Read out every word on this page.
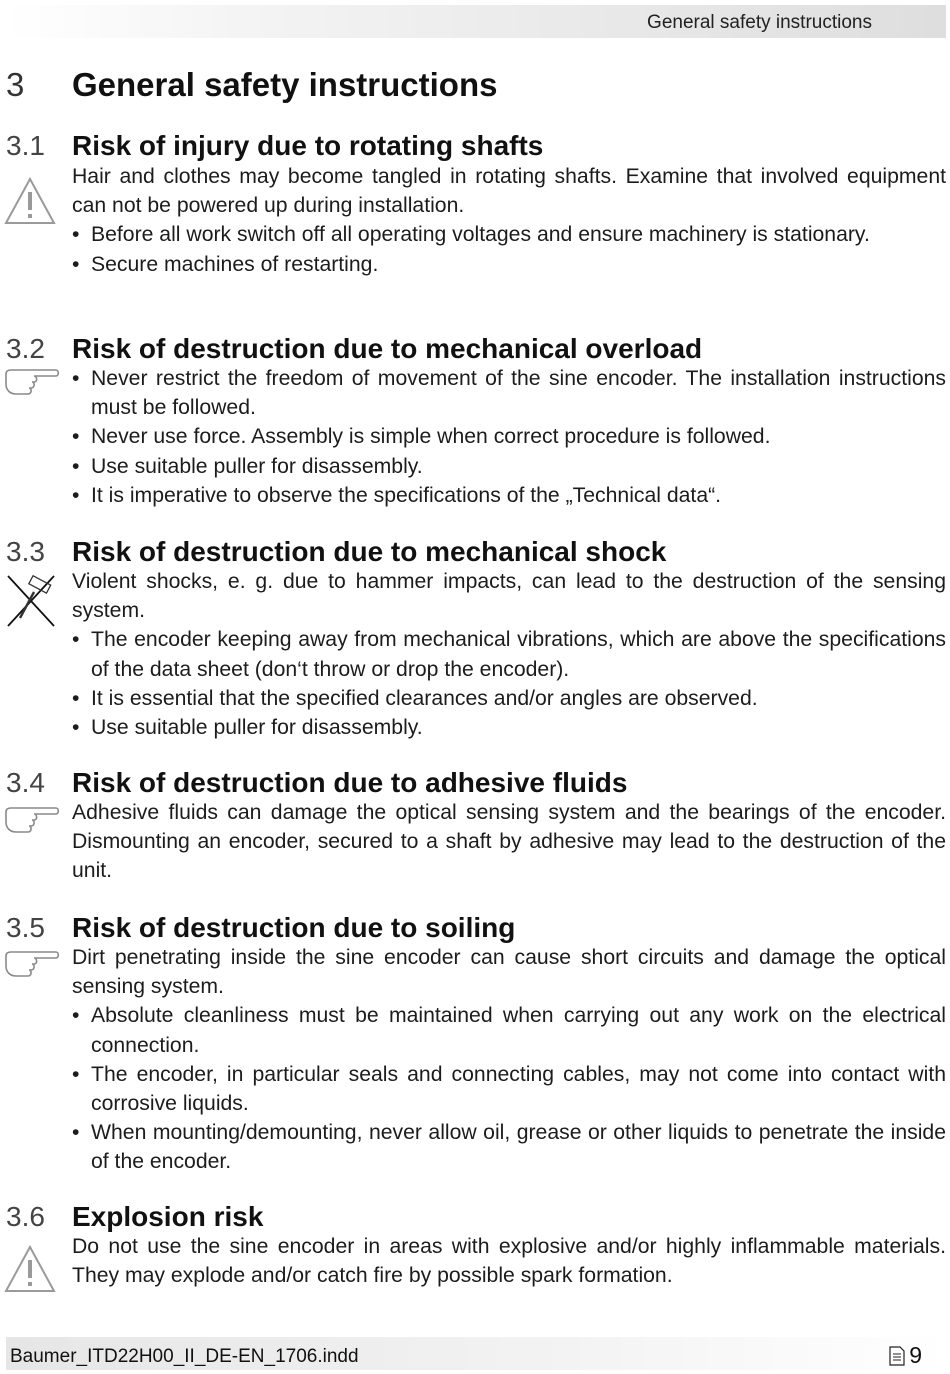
General safety instructions
3 General safety instructions
3.1 Risk of injury due to rotating shafts

Hair and clothes may become tangled in rotating shafts. Examine that involved equipment can not be powered up during installation.

• Before all work switch off all operating voltages and ensure machinery is stationary.
• Secure machines of restarting.
3.2 Risk of destruction due to mechanical overload
• Never restrict the freedom of movement of the sine encoder. The installation instructions must be followed.
• Never use force. Assembly is simple when correct procedure is followed.
• Use suitable puller for disassembly.
• It is imperative to observe the specifications of the „Technical data“.
3.3 Risk of destruction due to mechanical shock

Violent shocks, e. g. due to hammer impacts, can lead to the destruction of the sensing system.

• The encoder keeping away from mechanical vibrations, which are above the specifications of the data sheet (don‘t throw or drop the encoder).
• It is essential that the specified clearances and/or angles are observed.
• Use suitable puller for disassembly.
3.4 Risk of destruction due to adhesive fluids

Adhesive fluids can damage the optical sensing system and the bearings of the encoder. Dismounting an encoder, secured to a shaft by adhesive may lead to the destruction of the unit.

3.5 Risk of destruction due to soiling

Dirt penetrating inside the sine encoder can cause short circuits and damage the optical sensing system.

• Absolute cleanliness must be maintained when carrying out any work on the electrical connection.
• The encoder, in particular seals and connecting cables, may not come into contact with corrosive liquids.
• When mounting/demounting, never allow oil, grease or other liquids to penetrate the inside of the encoder.
3.6 Explosion risk

Do not use the sine encoder in areas with explosive and/or highly inflammable materials. They may explode and/or catch fire by possible spark formation.

Baumer_ITD22H00_II_DE-EN_1706.indd	9
